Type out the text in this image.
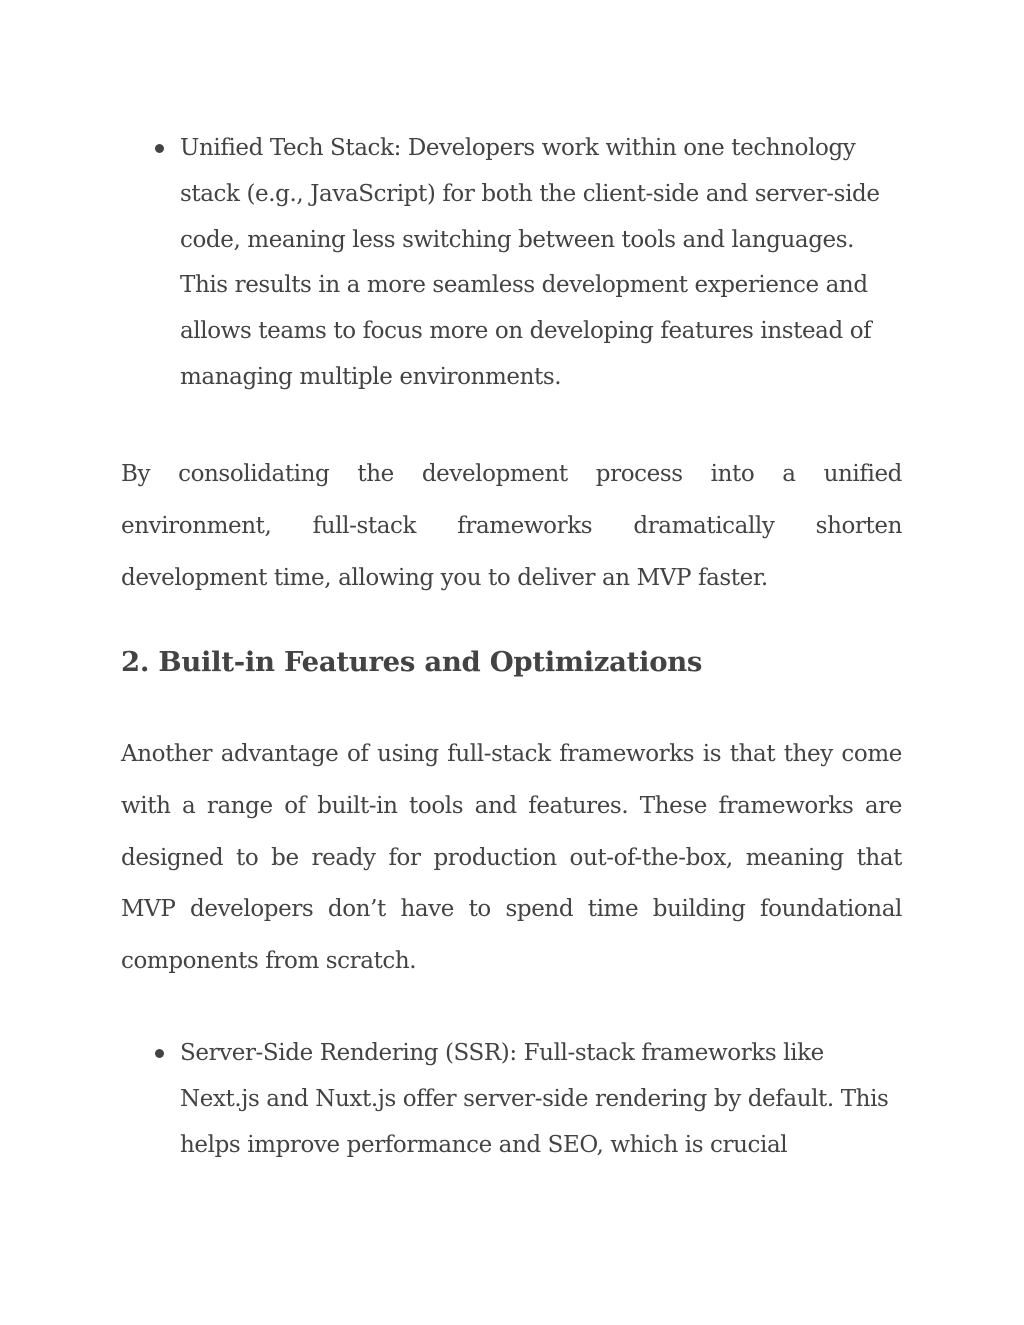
Unified Tech Stack: Developers work within one technology stack (e.g., JavaScript) for both the client-side and server-side code, meaning less switching between tools and languages. This results in a more seamless development experience and allows teams to focus more on developing features instead of managing multiple environments.

By consolidating the development process into a unified environment, full-stack frameworks dramatically shorten development time, allowing you to deliver an MVP faster.

2. Built-in Features and Optimizations

Another advantage of using full-stack frameworks is that they come with a range of built-in tools and features. These frameworks are designed to be ready for production out-of-the-box, meaning that MVP developers don’t have to spend time building foundational components from scratch.

Server-Side Rendering (SSR): Full-stack frameworks like Next.js and Nuxt.js offer server-side rendering by default. This helps improve performance and SEO, which is crucial
